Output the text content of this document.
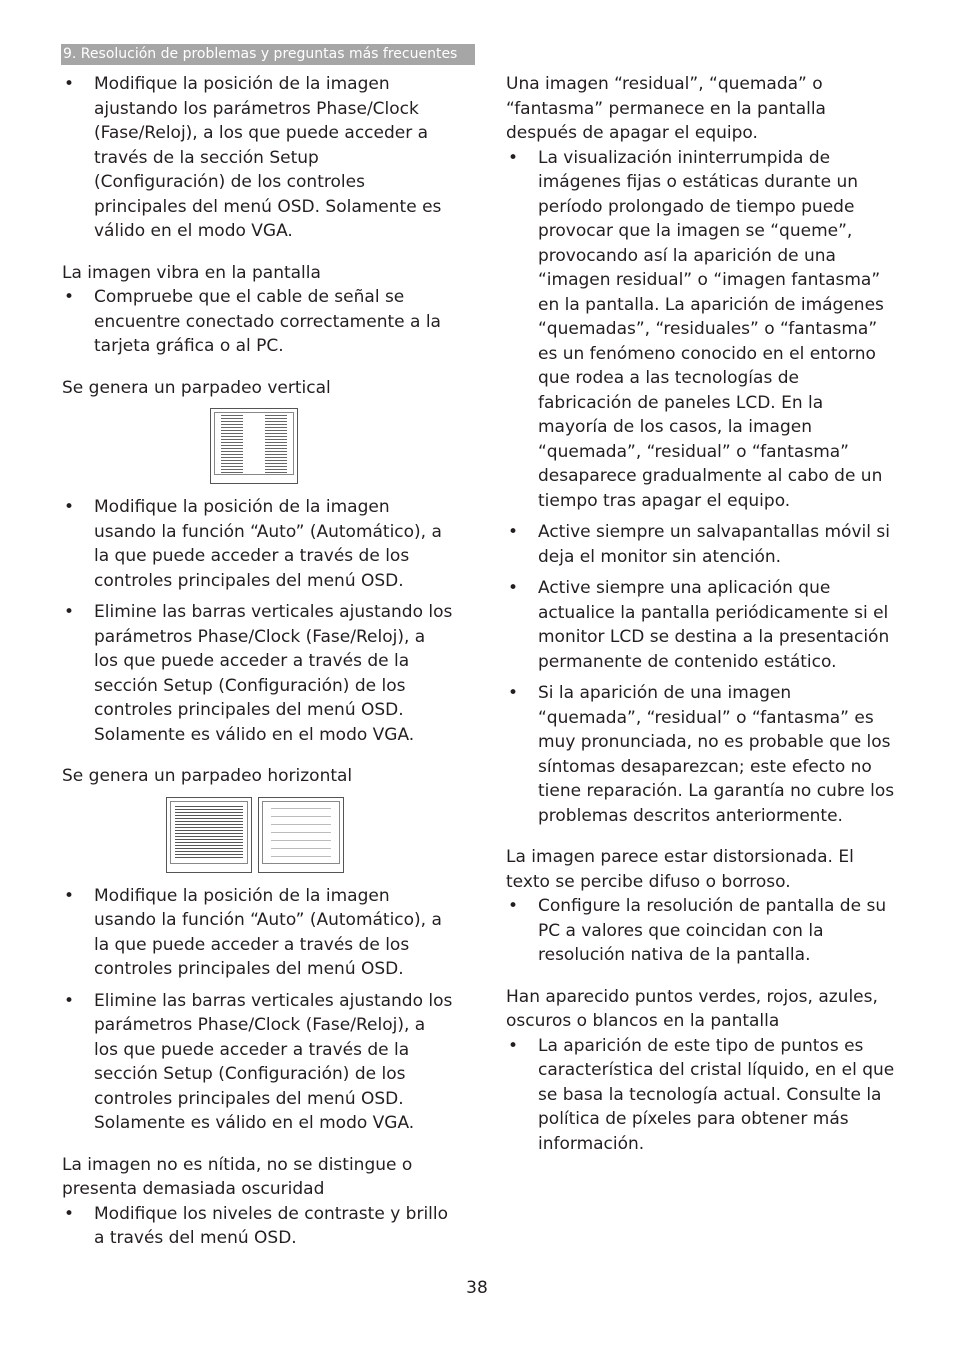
9. Resolución de problemas y preguntas más frecuentes

• Modifique la posición de la imagen ajustando los parámetros Phase/Clock (Fase/Reloj), a los que puede acceder a través de la sección Setup (Configuración) de los controles principales del menú OSD. Solamente es válido en el modo VGA.

La imagen vibra en la pantalla

• Compruebe que el cable de señal se encuentre conectado correctamente a la tarjeta gráfica o al PC.

Se genera un parpadeo vertical

• Modifique la posición de la imagen usando la función “Auto” (Automático), a la que puede acceder a través de los controles principales del menú OSD.

• Elimine las barras verticales ajustando los parámetros Phase/Clock (Fase/Reloj), a los que puede acceder a través de la sección Setup (Configuración) de los controles principales del menú OSD. Solamente es válido en el modo VGA.

Se genera un parpadeo horizontal

• Modifique la posición de la imagen usando la función “Auto” (Automático), a la que puede acceder a través de los controles principales del menú OSD.

• Elimine las barras verticales ajustando los parámetros Phase/Clock (Fase/Reloj), a los que puede acceder a través de la sección Setup (Configuración) de los controles principales del menú OSD. Solamente es válido en el modo VGA.

La imagen no es nítida, no se distingue o presenta demasiada oscuridad

• Modifique los niveles de contraste y brillo a través del menú OSD.

Una imagen “residual”, “quemada” o “fantasma” permanece en la pantalla después de apagar el equipo.

• La visualización ininterrumpida de imágenes fijas o estáticas durante un período prolongado de tiempo puede provocar que la imagen se “queme”, provocando así la aparición de una “imagen residual” o “imagen fantasma” en la pantalla. La aparición de imágenes “quemadas”, “residuales” o “fantasma” es un fenómeno conocido en el entorno que rodea a las tecnologías de fabricación de paneles LCD. En la mayoría de los casos, la imagen “quemada”, “residual” o “fantasma” desaparece gradualmente al cabo de un tiempo tras apagar el equipo.

• Active siempre un salvapantallas móvil si deja el monitor sin atención.

• Active siempre una aplicación que actualice la pantalla periódicamente si el monitor LCD se destina a la presentación permanente de contenido estático.

• Si la aparición de una imagen “quemada”, “residual” o “fantasma” es muy pronunciada, no es probable que los síntomas desaparezcan; este efecto no tiene reparación. La garantía no cubre los problemas descritos anteriormente.

La imagen parece estar distorsionada. El texto se percibe difuso o borroso.

• Configure la resolución de pantalla de su PC a valores que coincidan con la resolución nativa de la pantalla.

Han aparecido puntos verdes, rojos, azules, oscuros o blancos en la pantalla

• La aparición de este tipo de puntos es característica del cristal líquido, en el que se basa la tecnología actual. Consulte la política de píxeles para obtener más información.

38
